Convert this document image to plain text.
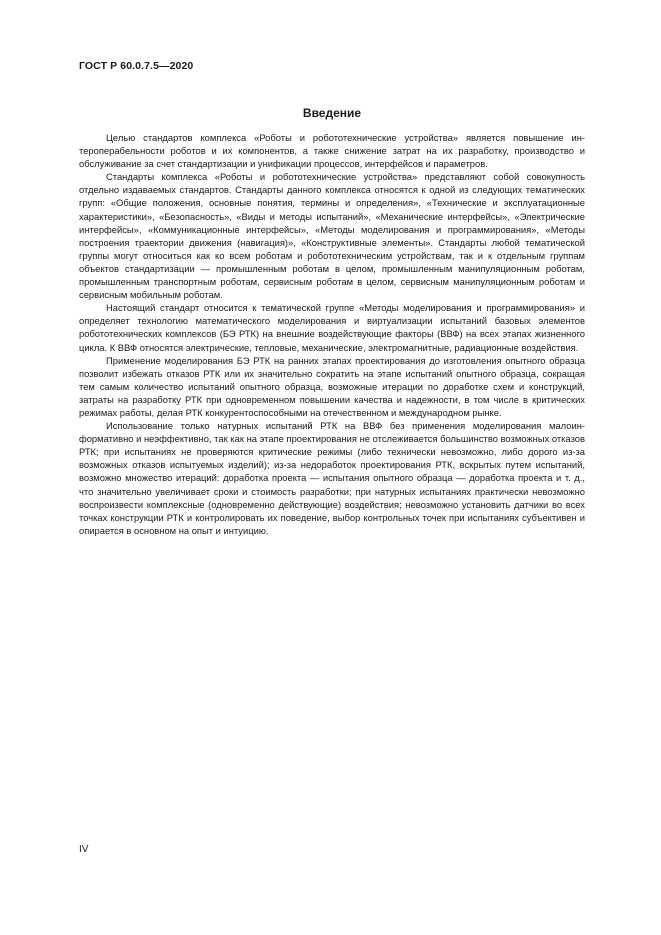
ГОСТ Р 60.0.7.5—2020
Введение

Целью стандартов комплекса «Роботы и робототехнические устройства» является повышение интероперабельности роботов и их компонентов, а также снижение затрат на их разработку, производство и обслуживание за счет стандартизации и унификации процессов, интерфейсов и параметров.

Стандарты комплекса «Роботы и робототехнические устройства» представляют собой совокупность отдельно издаваемых стандартов. Стандарты данного комплекса относятся к одной из следующих тематических групп: «Общие положения, основные понятия, термины и определения», «Технические и эксплуатационные характеристики», «Безопасность», «Виды и методы испытаний», «Механические интерфейсы», «Электрические интерфейсы», «Коммуникационные интерфейсы», «Методы моделирования и программирования», «Методы построения траектории движения (навигация)», «Конструктивные элементы». Стандарты любой тематической группы могут относиться как ко всем роботам и робототехническим устройствам, так и к отдельным группам объектов стандартизации — промышленным роботам в целом, промышленным манипуляционным роботам, промышленным транспортным роботам, сервисным роботам в целом, сервисным манипуляционным роботам и сервисным мобильным роботам.

Настоящий стандарт относится к тематической группе «Методы моделирования и программирования» и определяет технологию математического моделирования и виртуализации испытаний базовых элементов робототехнических комплексов (БЭ РТК) на внешние воздействующие факторы (ВВФ) на всех этапах жизненного цикла. К ВВФ относятся электрические, тепловые, механические, электромагнитные, радиационные воздействия.

Применение моделирования БЭ РТК на ранних этапах проектирования до изготовления опытного образца позволит избежать отказов РТК или их значительно сократить на этапе испытаний опытного образца, сокращая тем самым количество испытаний опытного образца, возможные итерации по доработке схем и конструкций, затраты на разработку РТК при одновременном повышении качества и надежности, в том числе в критических режимах работы, делая РТК конкурентоспособными на отечественном и международном рынке.

Использование только натурных испытаний РТК на ВВФ без применения моделирования малоинформативно и неэффективно, так как на этапе проектирования не отслеживается большинство возможных отказов РТК; при испытаниях не проверяются критические режимы (либо технически невозможно, либо дорого из-за возможных отказов испытуемых изделий); из-за недоработок проектирования РТК, вскрытых путем испытаний, возможно множество итераций: доработка проекта — испытания опытного образца — доработка проекта и т. д., что значительно увеличивает сроки и стоимость разработки; при натурных испытаниях практически невозможно воспроизвести комплексные (одновременно действующие) воздействия; невозможно установить датчики во всех точках конструкции РТК и контролировать их поведение, выбор контрольных точек при испытаниях субъективен и опирается в основном на опыт и интуицию.

IV
